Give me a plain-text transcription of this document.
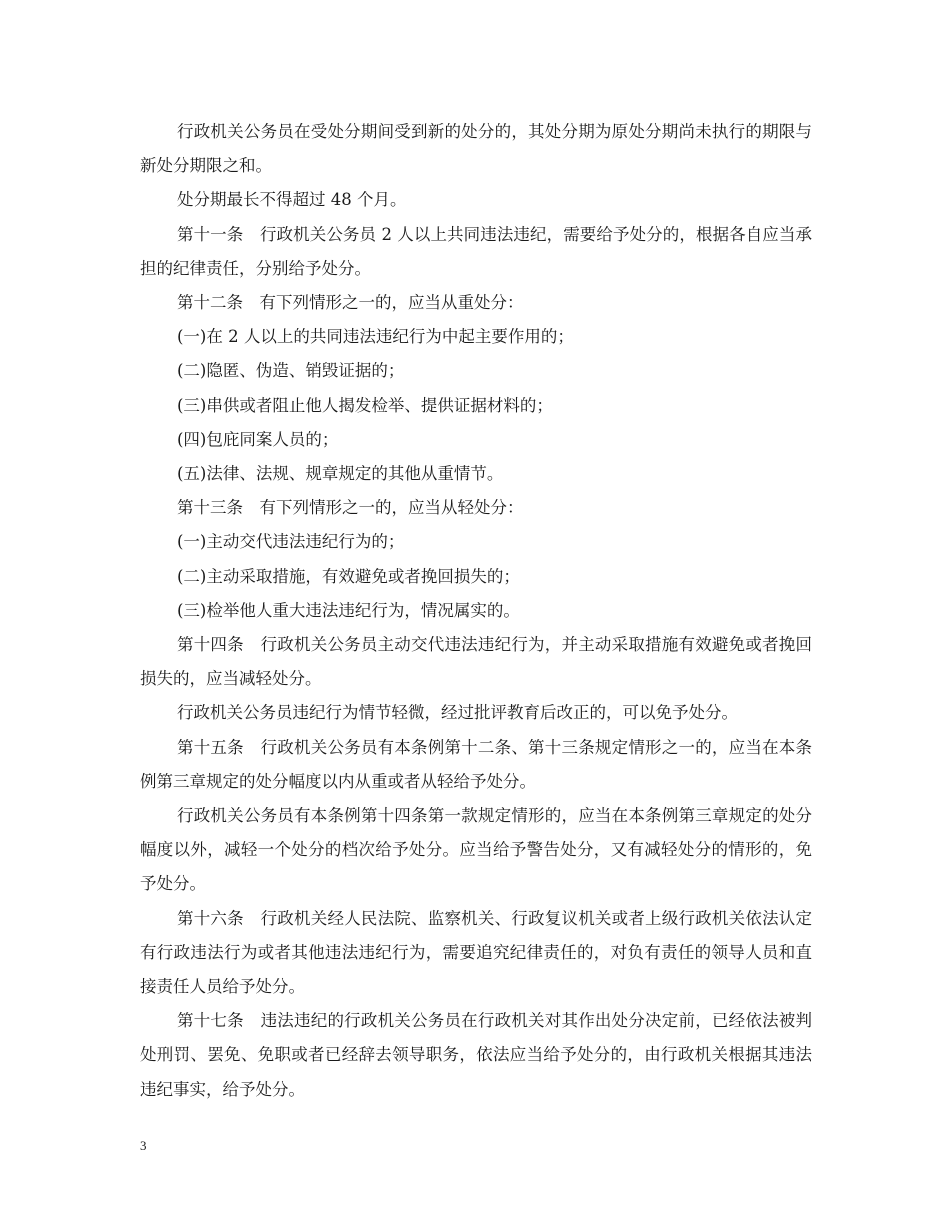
行政机关公务员在受处分期间受到新的处分的，其处分期为原处分期尚未执行的期限与新处分期限之和。

处分期最长不得超过 48 个月。

第十一条　行政机关公务员 2 人以上共同违法违纪，需要给予处分的，根据各自应当承担的纪律责任，分别给予处分。

第十二条　有下列情形之一的，应当从重处分：

(一)在 2 人以上的共同违法违纪行为中起主要作用的；

(二)隐匿、伪造、销毁证据的；

(三)串供或者阻止他人揭发检举、提供证据材料的；

(四)包庇同案人员的；

(五)法律、法规、规章规定的其他从重情节。

第十三条　有下列情形之一的，应当从轻处分：

(一)主动交代违法违纪行为的；

(二)主动采取措施，有效避免或者挽回损失的；

(三)检举他人重大违法违纪行为，情况属实的。

第十四条　行政机关公务员主动交代违法违纪行为，并主动采取措施有效避免或者挽回损失的，应当减轻处分。

行政机关公务员违纪行为情节轻微，经过批评教育后改正的，可以免予处分。

第十五条　行政机关公务员有本条例第十二条、第十三条规定情形之一的，应当在本条例第三章规定的处分幅度以内从重或者从轻给予处分。

行政机关公务员有本条例第十四条第一款规定情形的，应当在本条例第三章规定的处分幅度以外，减轻一个处分的档次给予处分。应当给予警告处分，又有减轻处分的情形的，免予处分。

第十六条　行政机关经人民法院、监察机关、行政复议机关或者上级行政机关依法认定有行政违法行为或者其他违法违纪行为，需要追究纪律责任的，对负有责任的领导人员和直接责任人员给予处分。

第十七条　违法违纪的行政机关公务员在行政机关对其作出处分决定前，已经依法被判处刑罚、罢免、免职或者已经辞去领导职务，依法应当给予处分的，由行政机关根据其违法违纪事实，给予处分。

3
